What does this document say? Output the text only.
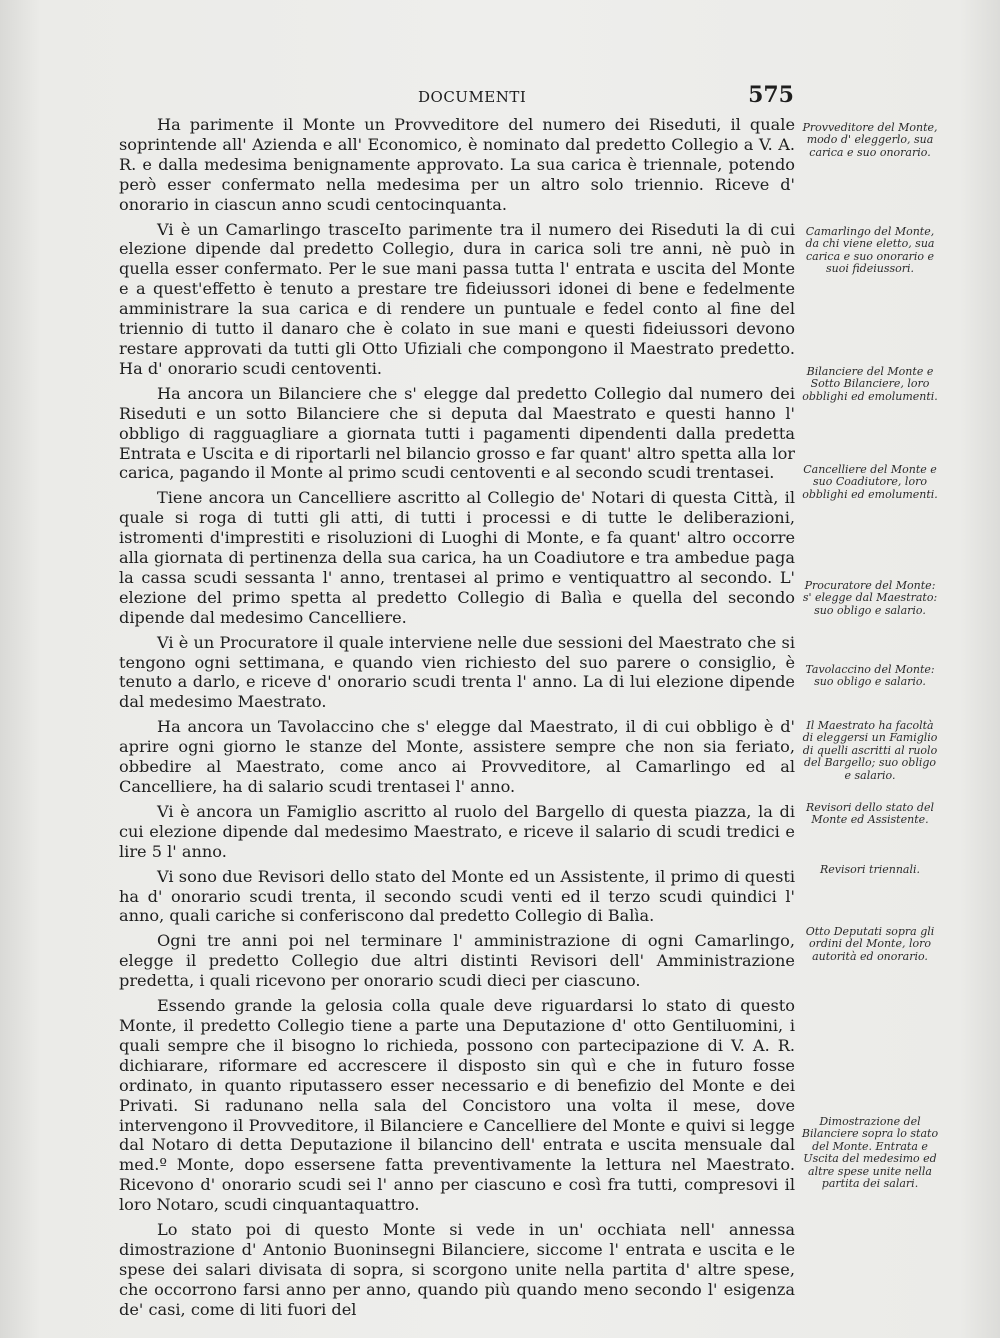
DOCUMENTI	575

Ha parimente il Monte un Provveditore del numero dei Riseduti, il quale soprintende all' Azienda e all' Economico, è nominato dal predetto Collegio a V. A. R. e dalla medesima benignamente approvato. La sua carica è triennale, potendo però esser confermato nella medesima per un altro solo triennio. Riceve d' onorario in ciascun anno scudi centocinquanta.

Vi è un Camarlingo trasceIto parimente tra il numero dei Riseduti la di cui elezione dipende dal predetto Collegio, dura in carica soli tre anni, nè può in quella esser confermato. Per le sue mani passa tutta l' entrata e uscita del Monte e a quest'effetto è tenuto a prestare tre fideiussori idonei di bene e fedelmente amministrare la sua carica e di rendere un puntuale e fedel conto al fine del triennio di tutto il danaro che è colato in sue mani e questi fideiussori devono restare approvati da tutti gli Otto Ufiziali che compongono il Maestrato predetto. Ha d' onorario scudi centoventi.

Ha ancora un Bilanciere che s' elegge dal predetto Collegio dal numero dei Riseduti e un sotto Bilanciere che si deputa dal Maestrato e questi hanno l' obbligo di ragguagliare a giornata tutti i pagamenti dipendenti dalla predetta Entrata e Uscita e di riportarli nel bilancio grosso e far quant' altro spetta alla lor carica, pagando il Monte al primo scudi centoventi e al secondo scudi trentasei.

Tiene ancora un Cancelliere ascritto al Collegio de' Notari di questa Città, il quale si roga di tutti gli atti, di tutti i processi e di tutte le deliberazioni, istromenti d'imprestiti e risoluzioni di Luoghi di Monte, e fa quant' altro occorre alla giornata di pertinenza della sua carica, ha un Coadiutore e tra ambedue paga la cassa scudi sessanta l' anno, trentasei al primo e ventiquattro al secondo. L' elezione del primo spetta al predetto Collegio di Balìa e quella del secondo dipende dal medesimo Cancelliere.

Vi è un Procuratore il quale interviene nelle due sessioni del Maestrato che si tengono ogni settimana, e quando vien richiesto del suo parere o consiglio, è tenuto a darlo, e riceve d' onorario scudi trenta l' anno. La di lui elezione dipende dal medesimo Maestrato.

Ha ancora un Tavolaccino che s' elegge dal Maestrato, il di cui obbligo è d' aprire ogni giorno le stanze del Monte, assistere sempre che non sia feriato, obbedire al Maestrato, come anco ai Provveditore, al Camarlingo ed al Cancelliere, ha di salario scudi trentasei l' anno.

Vi è ancora un Famiglio ascritto al ruolo del Bargello di questa piazza, la di cui elezione dipende dal medesimo Maestrato, e riceve il salario di scudi tredici e lire 5 l' anno.

Vi sono due Revisori dello stato del Monte ed un Assistente, il primo di questi ha d' onorario scudi trenta, il secondo scudi venti ed il terzo scudi quindici l' anno, quali cariche si conferiscono dal predetto Collegio di Balìa.

Ogni tre anni poi nel terminare l' amministrazione di ogni Camarlingo, elegge il predetto Collegio due altri distinti Revisori dell' Amministrazione predetta, i quali ricevono per onorario scudi dieci per ciascuno.

Essendo grande la gelosia colla quale deve riguardarsi lo stato di questo Monte, il predetto Collegio tiene a parte una Deputazione d' otto Gentiluomini, i quali sempre che il bisogno lo richieda, possono con partecipazione di V. A. R. dichiarare, riformare ed accrescere il disposto sin quì e che in futuro fosse ordinato, in quanto riputassero esser necessario e di benefizio del Monte e dei Privati. Si radunano nella sala del Concistoro una volta il mese, dove intervengono il Provveditore, il Bilanciere e Cancelliere del Monte e quivi si legge dal Notaro di detta Deputazione il bilancino dell' entrata e uscita mensuale dal med.º Monte, dopo essersene fatta preventivamente la lettura nel Maestrato. Ricevono d' onorario scudi sei l' anno per ciascuno e così fra tutti, compresovi il loro Notaro, scudi cinquantaquattro.

Lo stato poi di questo Monte si vede in un' occhiata nell' annessa dimostrazione d' Antonio Buoninsegni Bilanciere, siccome l' entrata e uscita e le spese dei salari divisata di sopra, si scorgono unite nella partita d' altre spese, che occorrono farsi anno per anno, quando più quando meno secondo l' esigenza de' casi, come di liti fuori del

Provveditore del Monte, modo d' eleggerlo, sua carica e suo onorario.
Camarlingo del Monte, da chi viene eletto, sua carica e suo onorario e suoi fideiussori.
Bilanciere del Monte e Sotto Bilanciere, loro obblighi ed emolumenti.
Cancelliere del Monte e suo Coadiutore, loro obblighi ed emolumenti.
Procuratore del Monte: s' elegge dal Maestrato: suo obligo e salario.
Tavolaccino del Monte: suo obligo e salario.
Il Maestrato ha facoltà di eleggersi un Famiglio di quelli ascritti al ruolo del Bargello; suo obligo e salario.
Revisori dello stato del Monte ed Assistente.
Revisori triennali.
Otto Deputati sopra gli ordini del Monte, loro autorità ed onorario.
Dimostrazione del Bilanciere sopra lo stato del Monte. Entrata e Uscita del medesimo ed altre spese unite nella partita dei salari.
